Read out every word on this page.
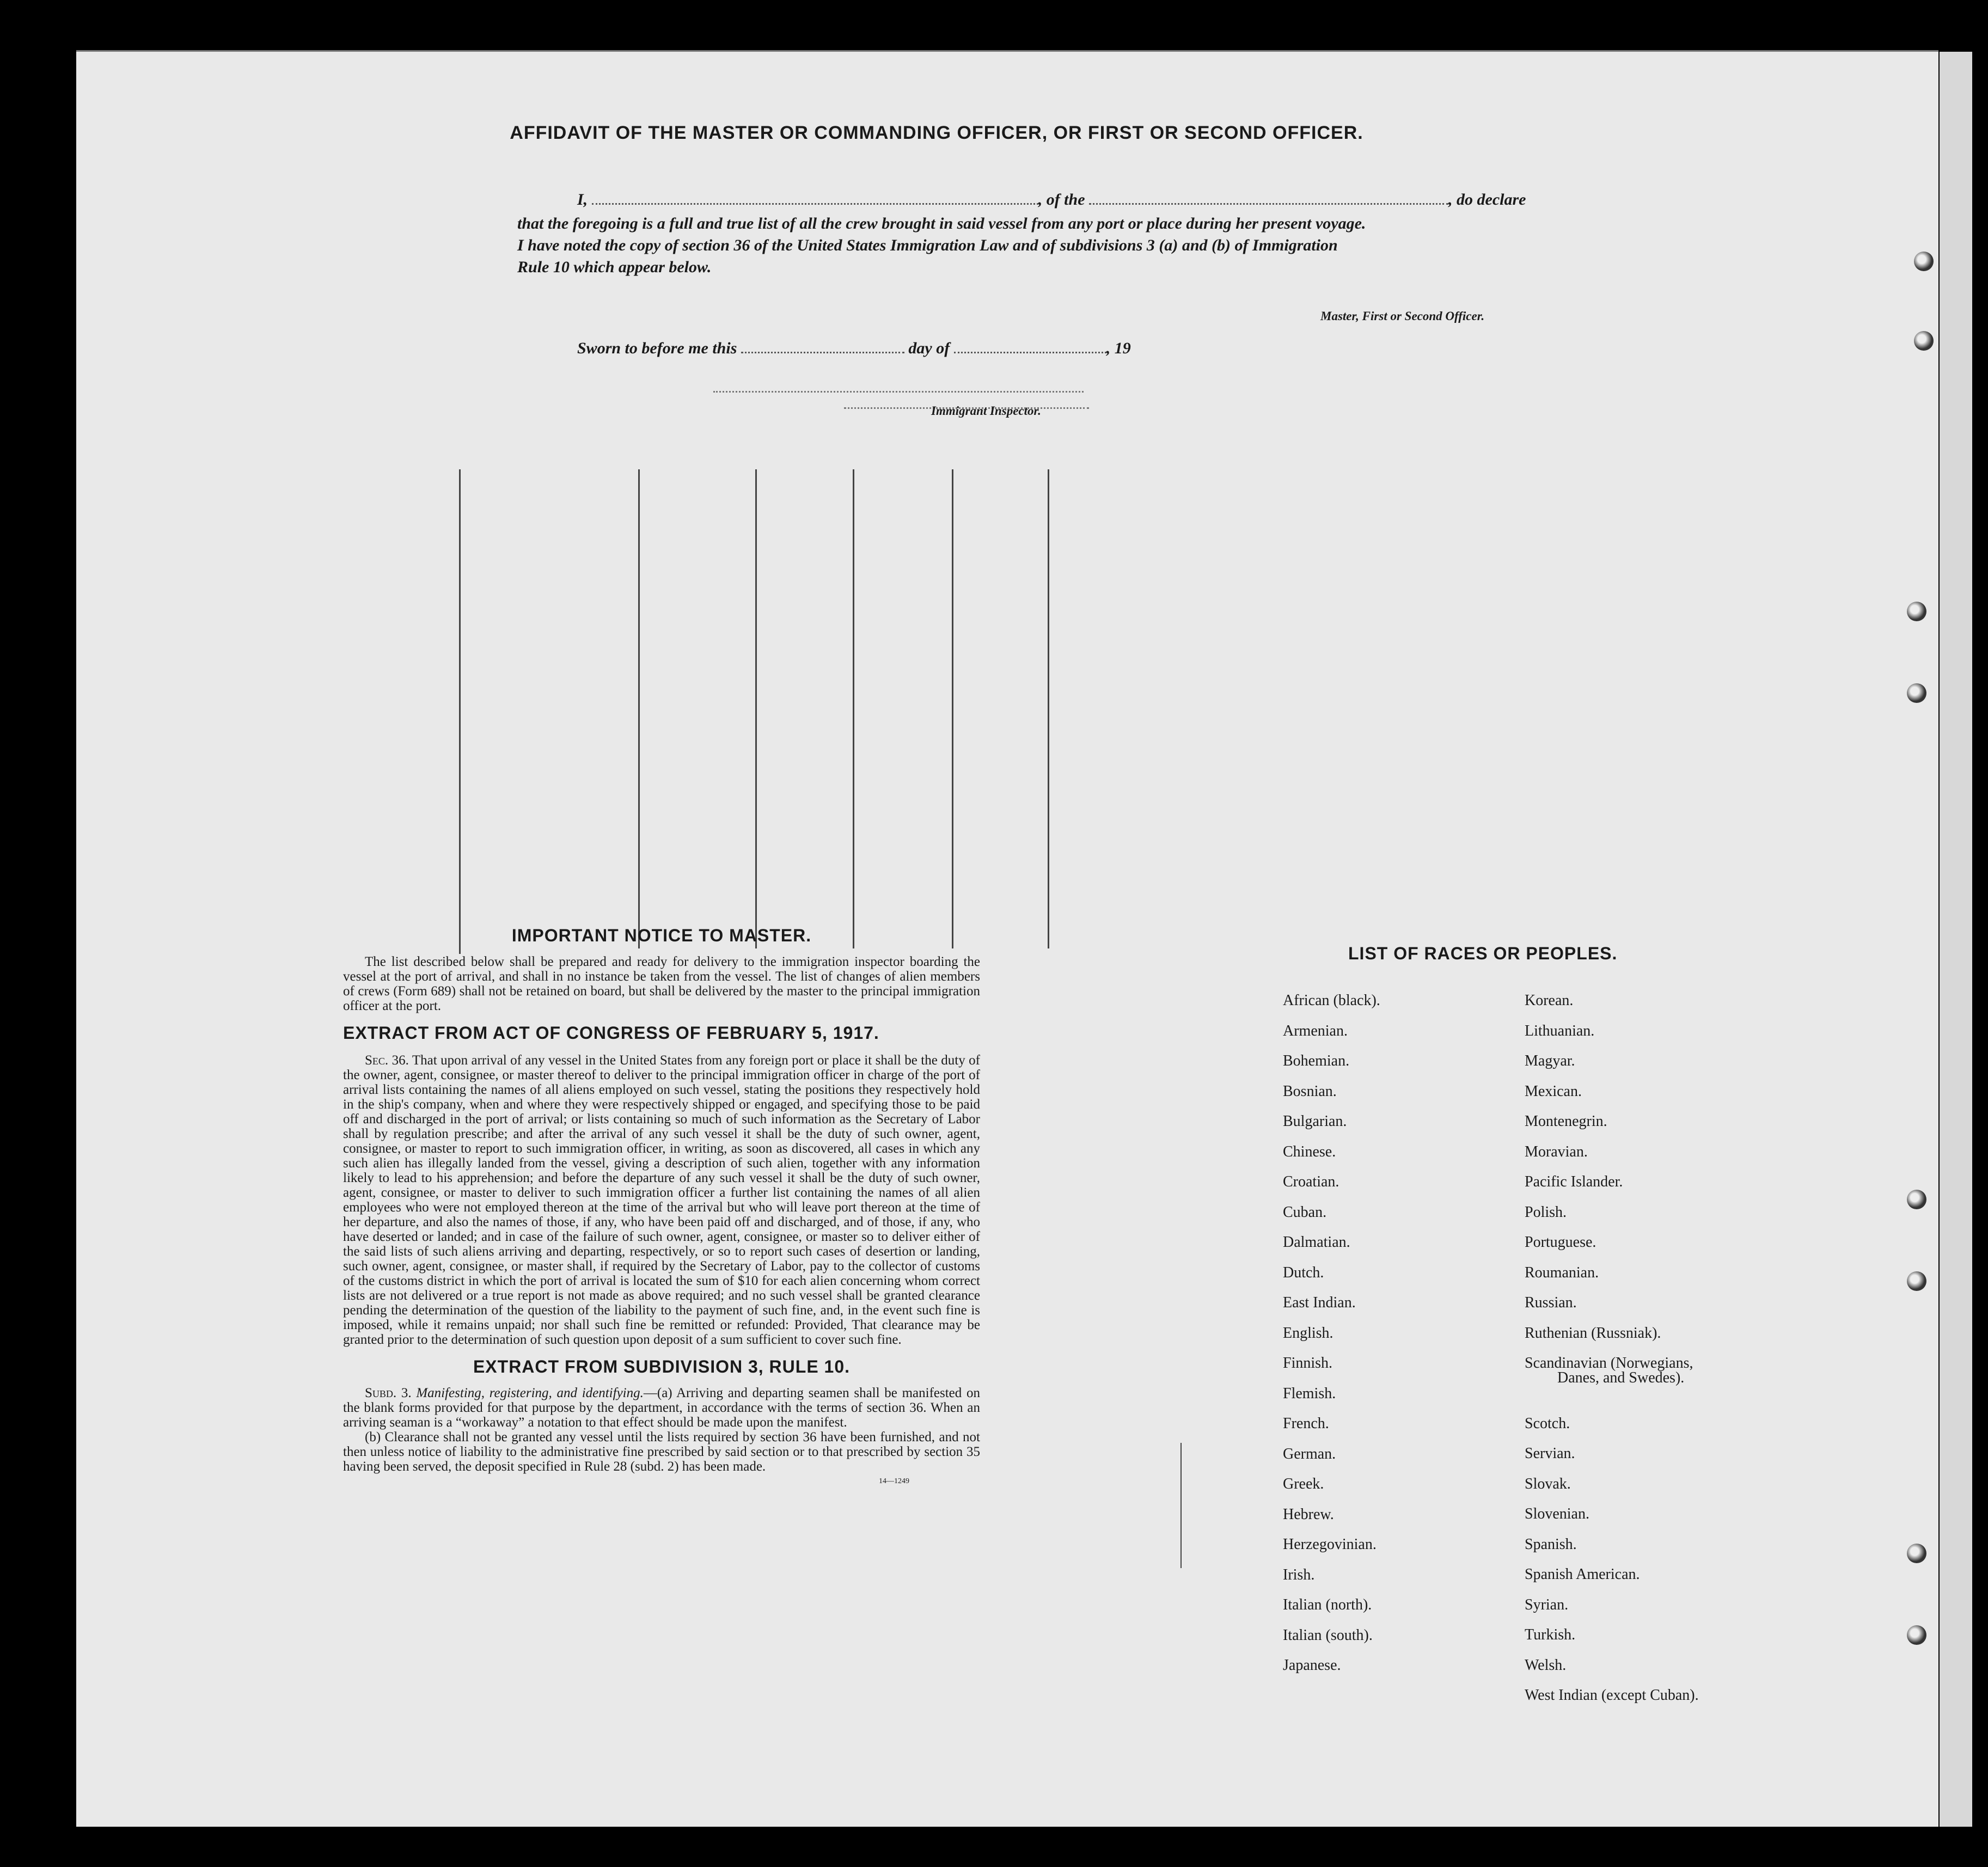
AFFIDAVIT OF THE MASTER OR COMMANDING OFFICER, OR FIRST OR SECOND OFFICER.
I,	, of the	, do declare
that the foregoing is a full and true list of all the crew brought in said vessel from any port or place during her present voyage.
I have noted the copy of section 36 of the United States Immigration Law and of subdivisions 3 (a) and (b) of Immigration
Rule 10 which appear below.
Master, First or Second Officer.
Sworn to before me this	day of	, 19
Immigrant Inspector.
IMPORTANT NOTICE TO MASTER.
The list described below shall be prepared and ready for delivery to the immigration inspector boarding the vessel at the port of arrival, and shall in no instance be taken from the vessel. The list of changes of alien members of crews (Form 689) shall not be retained on board, but shall be delivered by the master to the principal immigration officer at the port.
EXTRACT FROM ACT OF CONGRESS OF FEBRUARY 5, 1917.
Sec. 36. That upon arrival of any vessel in the United States from any foreign port or place it shall be the duty of the owner, agent, consignee, or master thereof to deliver to the principal immigration officer in charge of the port of arrival lists containing the names of all aliens employed on such vessel, stating the positions they respectively hold in the ship's company, when and where they were respectively shipped or engaged, and specifying those to be paid off and discharged in the port of arrival; or lists containing so much of such information as the Secretary of Labor shall by regulation prescribe; and after the arrival of any such vessel it shall be the duty of such owner, agent, consignee, or master to report to such immigration officer, in writing, as soon as discovered, all cases in which any such alien has illegally landed from the vessel, giving a description of such alien, together with any information likely to lead to his apprehension; and before the departure of any such vessel it shall be the duty of such owner, agent, consignee, or master to deliver to such immigration officer a further list containing the names of all alien employees who were not employed thereon at the time of the arrival but who will leave port thereon at the time of her departure, and also the names of those, if any, who have been paid off and discharged, and of those, if any, who have deserted or landed; and in case of the failure of such owner, agent, consignee, or master so to deliver either of the said lists of such aliens arriving and departing, respectively, or so to report such cases of desertion or landing, such owner, agent, consignee, or master shall, if required by the Secretary of Labor, pay to the collector of customs of the customs district in which the port of arrival is located the sum of $10 for each alien concerning whom correct lists are not delivered or a true report is not made as above required; and no such vessel shall be granted clearance pending the determination of the question of the liability to the payment of such fine, and, in the event such fine is imposed, while it remains unpaid; nor shall such fine be remitted or refunded: Provided, That clearance may be granted prior to the determination of such question upon deposit of a sum sufficient to cover such fine.
EXTRACT FROM SUBDIVISION 3, RULE 10.
Subd. 3. Manifesting, registering, and identifying.—(a) Arriving and departing seamen shall be manifested on the blank forms provided for that purpose by the department, in accordance with the terms of section 36. When an arriving seaman is a “workaway” a notation to that effect should be made upon the manifest.
(b) Clearance shall not be granted any vessel until the lists required by section 36 have been furnished, and not then unless notice of liability to the administrative fine prescribed by said section or to that prescribed by section 35 having been served, the deposit specified in Rule 28 (subd. 2) has been made.
14—1249
LIST OF RACES OR PEOPLES.
African (black).
Armenian.
Bohemian.
Bosnian.
Bulgarian.
Chinese.
Croatian.
Cuban.
Dalmatian.
Dutch.
East Indian.
English.
Finnish.
Flemish.
French.
German.
Greek.
Hebrew.
Herzegovinian.
Irish.
Italian (north).
Italian (south).
Japanese.
Korean.
Lithuanian.
Magyar.
Mexican.
Montenegrin.
Moravian.
Pacific Islander.
Polish.
Portuguese.
Roumanian.
Russian.
Ruthenian (Russniak).
Scandinavian (Norwegians,
Danes, and Swedes).
Scotch.
Servian.
Slovak.
Slovenian.
Spanish.
Spanish American.
Syrian.
Turkish.
Welsh.
West Indian (except Cuban).
